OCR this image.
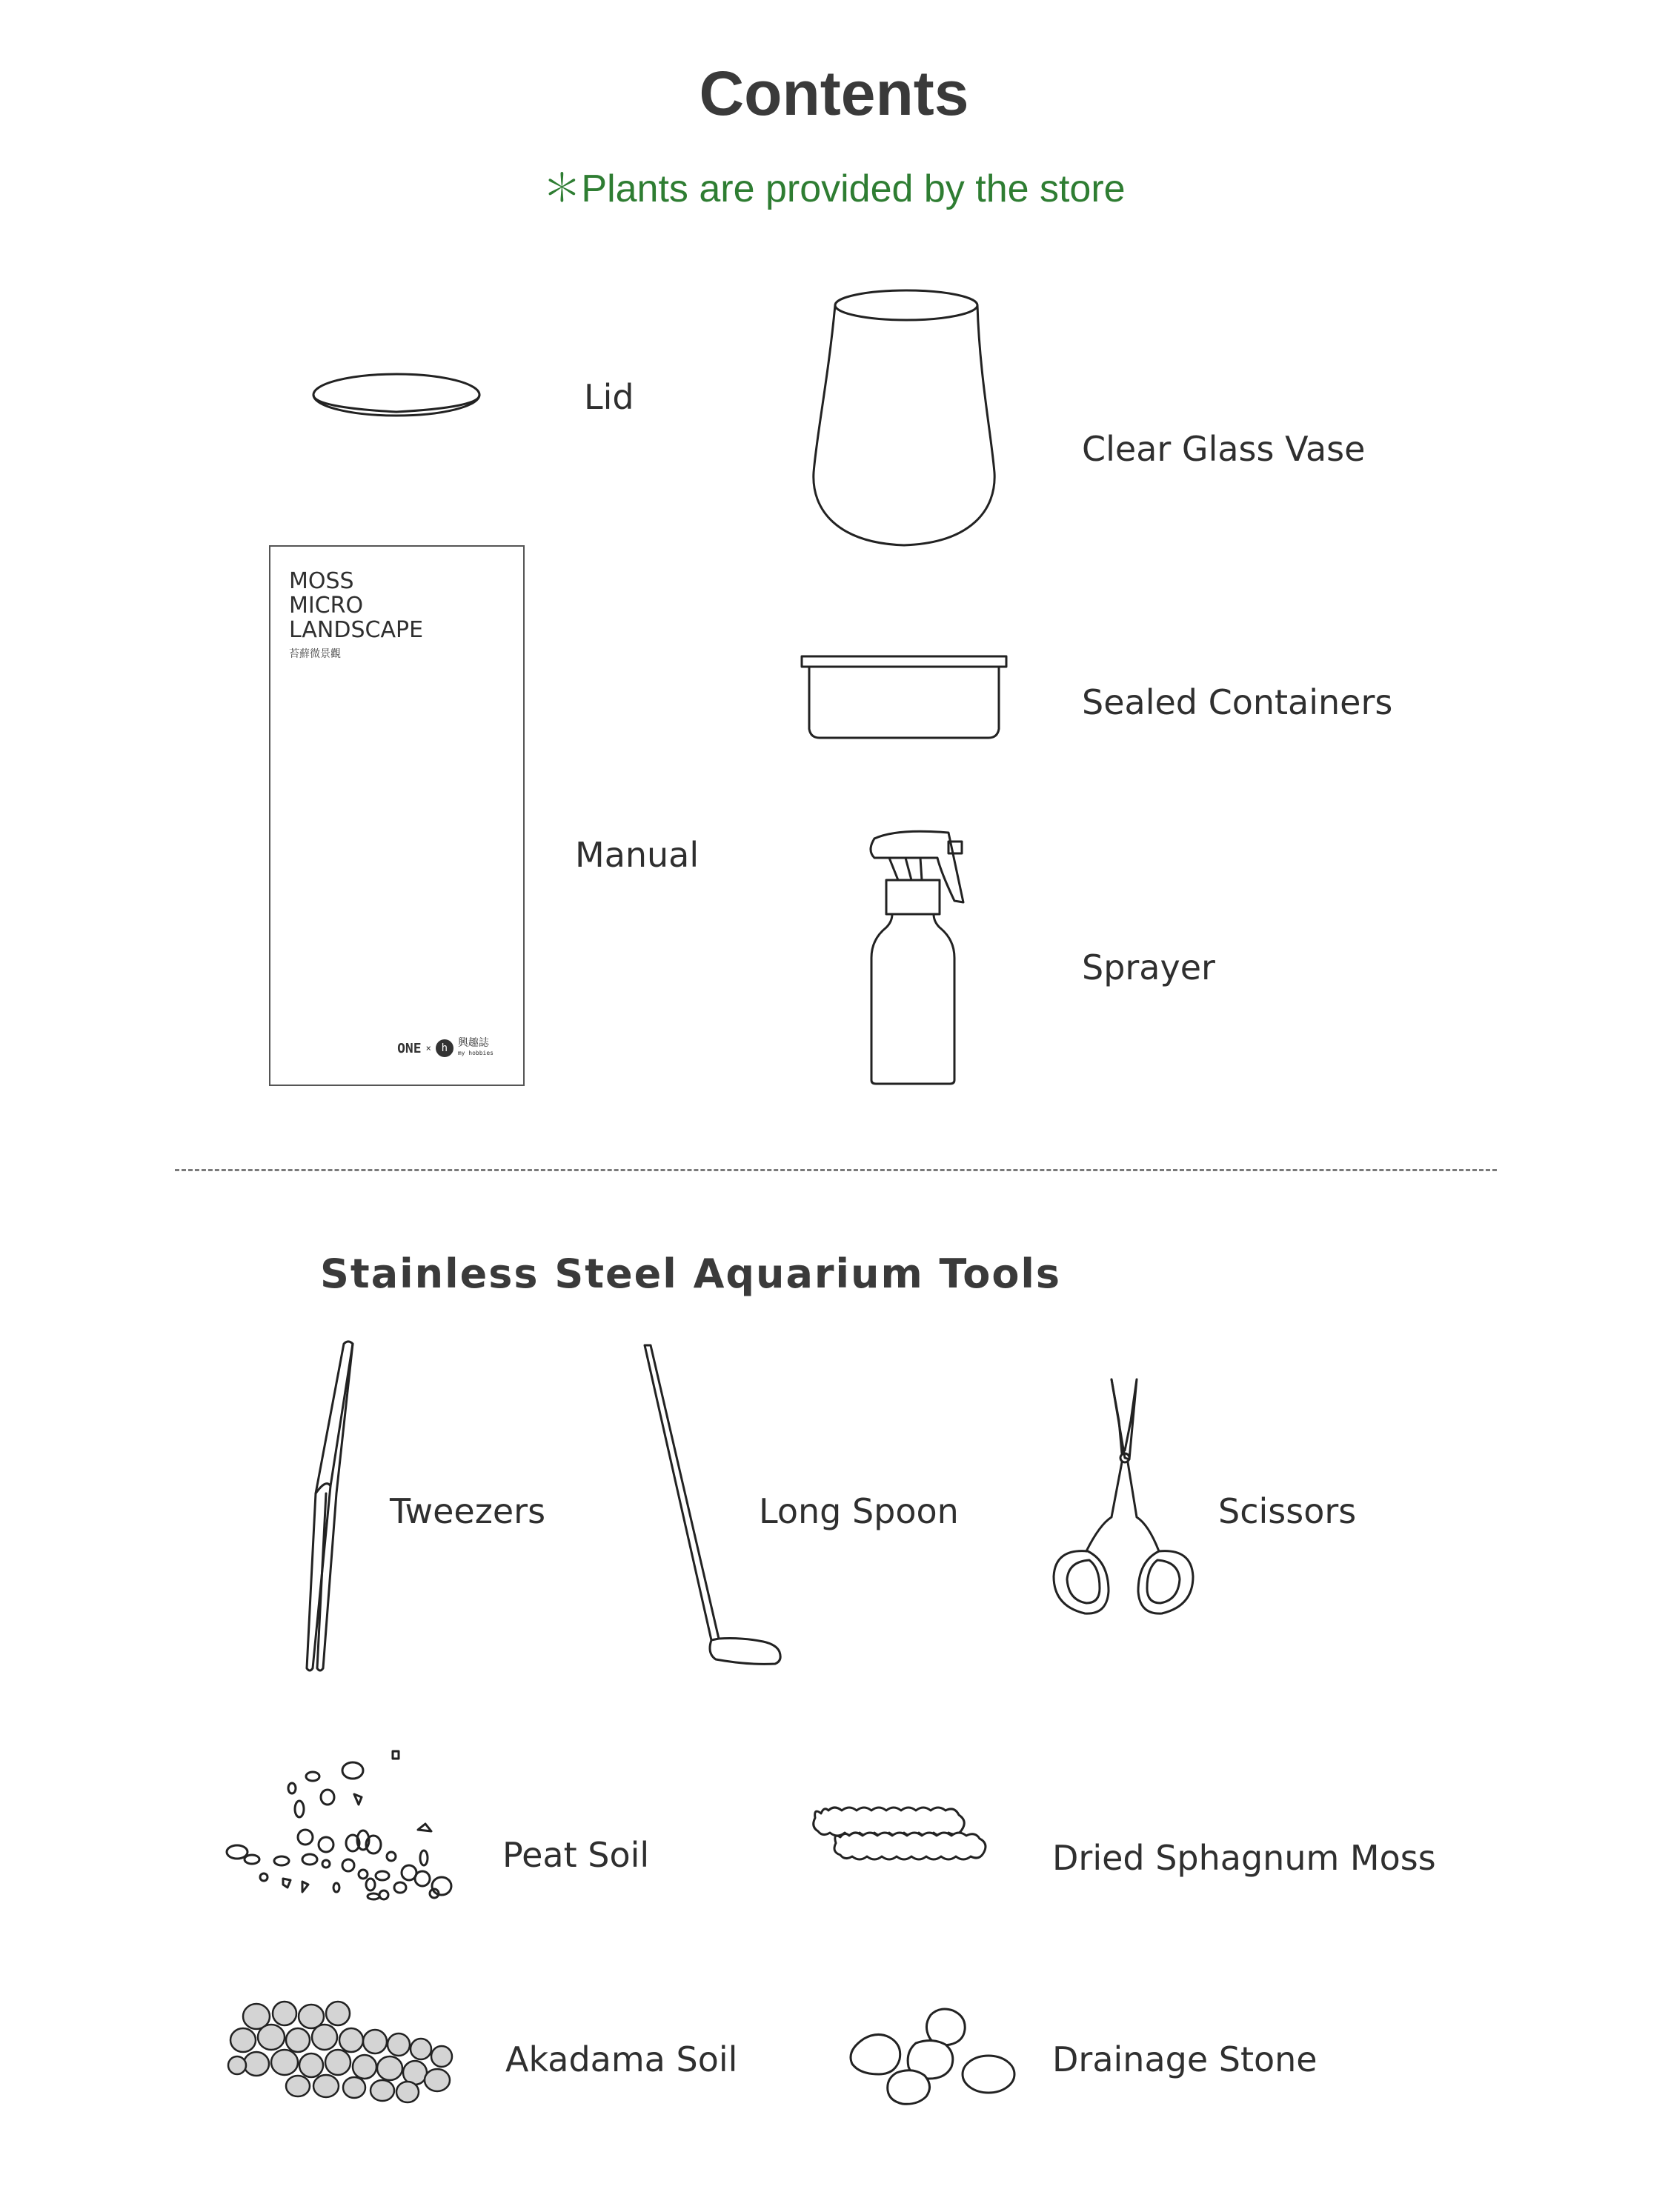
Contents
＊Plants are provided by the store
Lid
Clear Glass Vase
MOSS
MICRO
LANDSCAPE
苔蘚微景觀
ONE × h 興趣誌
my hobbies
Manual
Sealed Containers
Sprayer
Stainless Steel Aquarium Tools
Tweezers	Long Spoon	Scissors
Peat Soil	Dried Sphagnum Moss
Akadama Soil	Drainage Stone
